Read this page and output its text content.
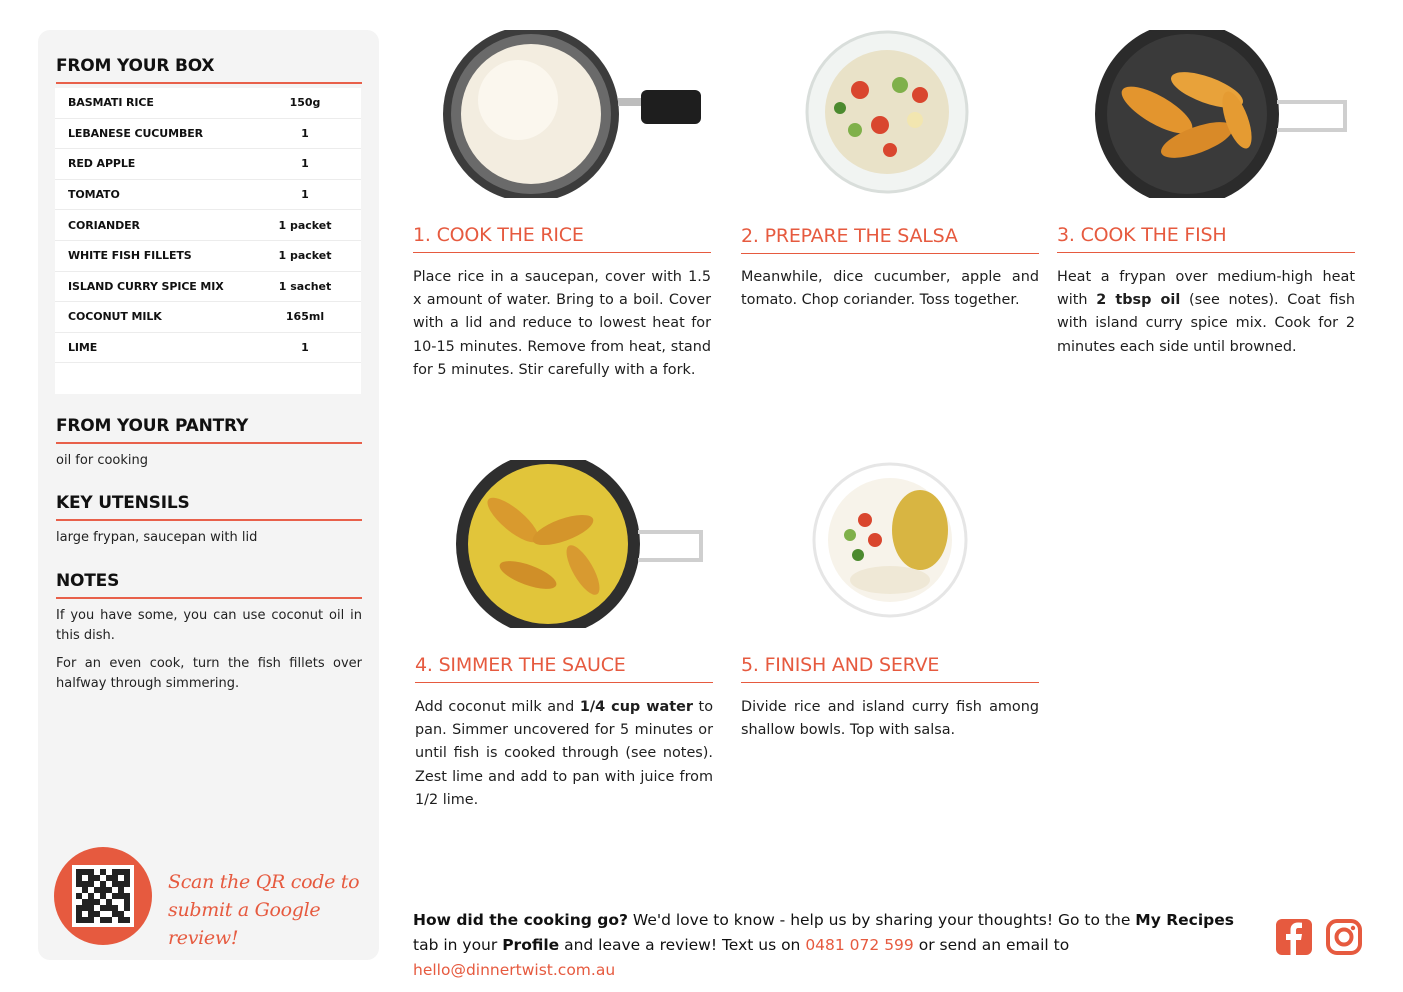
FROM YOUR BOX
BASMATI RICE	150g
LEBANESE CUCUMBER	1
RED APPLE	1
TOMATO	1
CORIANDER	1 packet
WHITE FISH FILLETS	1 packet
ISLAND CURRY SPICE MIX	1 sachet
COCONUT MILK	165ml
LIME	1
FROM YOUR PANTRY
oil for cooking
KEY UTENSILS
large frypan, saucepan with lid
NOTES

If you have some, you can use coconut oil in this dish.

For an even cook, turn the fish fillets over halfway through simmering.

Scan the QR code to
submit a Google review!
1. COOK THE RICE
Place rice in a saucepan, cover with 1.5 x amount of water. Bring to a boil. Cover with a lid and reduce to lowest heat for 10-15 minutes. Remove from heat, stand for 5 minutes. Stir carefully with a fork.
2. PREPARE THE SALSA
Meanwhile, dice cucumber, apple and tomato. Chop coriander. Toss together.
3. COOK THE FISH
Heat a frypan over medium-high heat with 2 tbsp oil (see notes). Coat fish with island curry spice mix. Cook for 2 minutes each side until browned.
4. SIMMER THE SAUCE
Add coconut milk and 1/4 cup water to pan. Simmer uncovered for 5 minutes or until fish is cooked through (see notes). Zest lime and add to pan with juice from 1/2 lime.
5. FINISH AND SERVE
Divide rice and island curry fish among shallow bowls. Top with salsa.
How did the cooking go? We'd love to know - help us by sharing your thoughts! Go to the My Recipes tab in your Profile and leave a review! Text us on 0481 072 599 or send an email to hello@dinnertwist.com.au
